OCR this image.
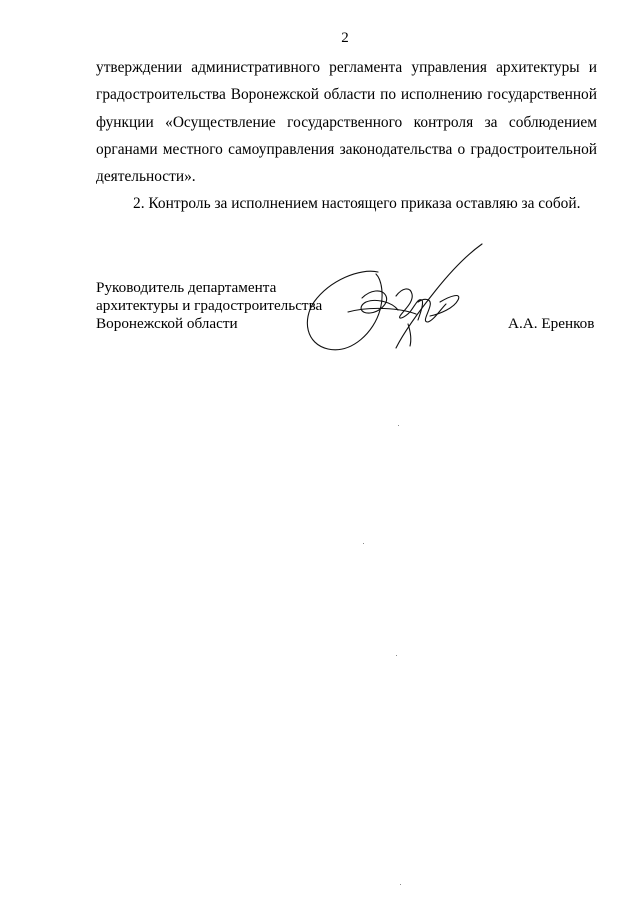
2
утверждении административного регламента управления архитектуры и
градостроительства Воронежской области по исполнению государственной
функции «Осуществление государственного контроля за соблюдением
органами местного самоуправления законодательства о градостроительной
деятельности».
2. Контроль за исполнением настоящего приказа оставляю за собой.
Руководитель департамента
архитектуры и градостроительства
Воронежской области	А.А. Еренков
